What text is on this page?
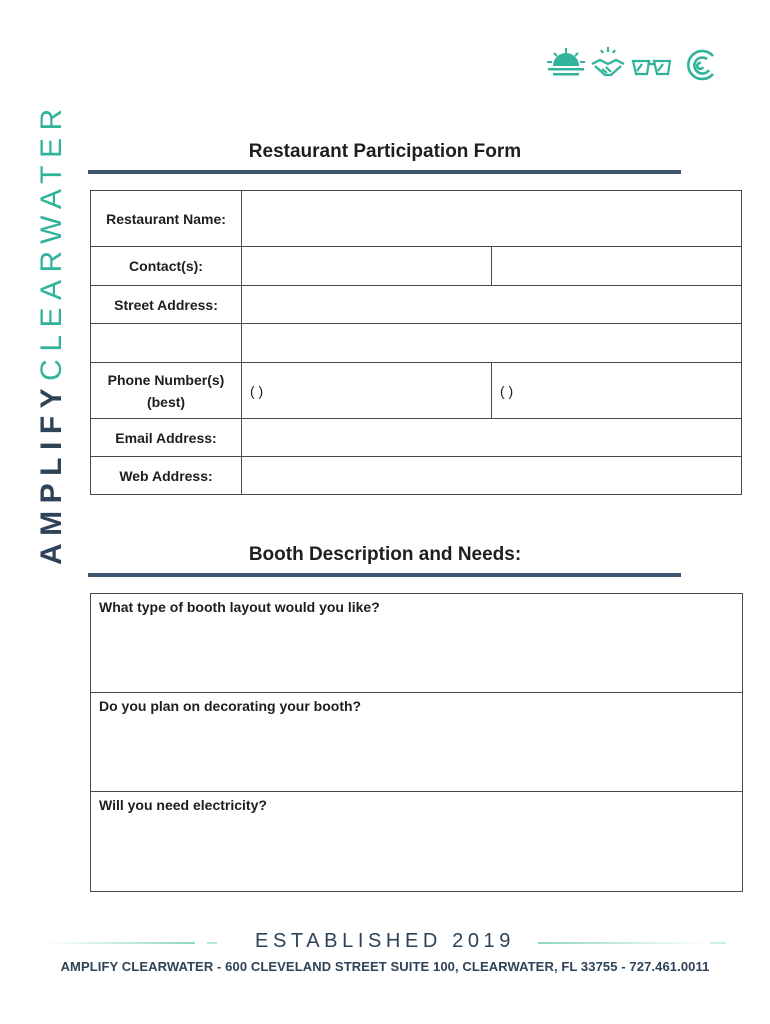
AMPLIFYCLEARWATER	Restaurant Participation Form
Restaurant Name:		
Contact(s):		
Street Address:		

Phone Number(s)(best)	( )	( )
Email Address:		
Web Address:		
Booth Description and Needs:
What type of booth layout would you like?
Do you plan on decorating your booth?
Will you need electricity?
ESTABLISHED 2019
AMPLIFY CLEARWATER - 600 CLEVELAND STREET SUITE 100, CLEARWATER, FL 33755 - 727.461.0011
